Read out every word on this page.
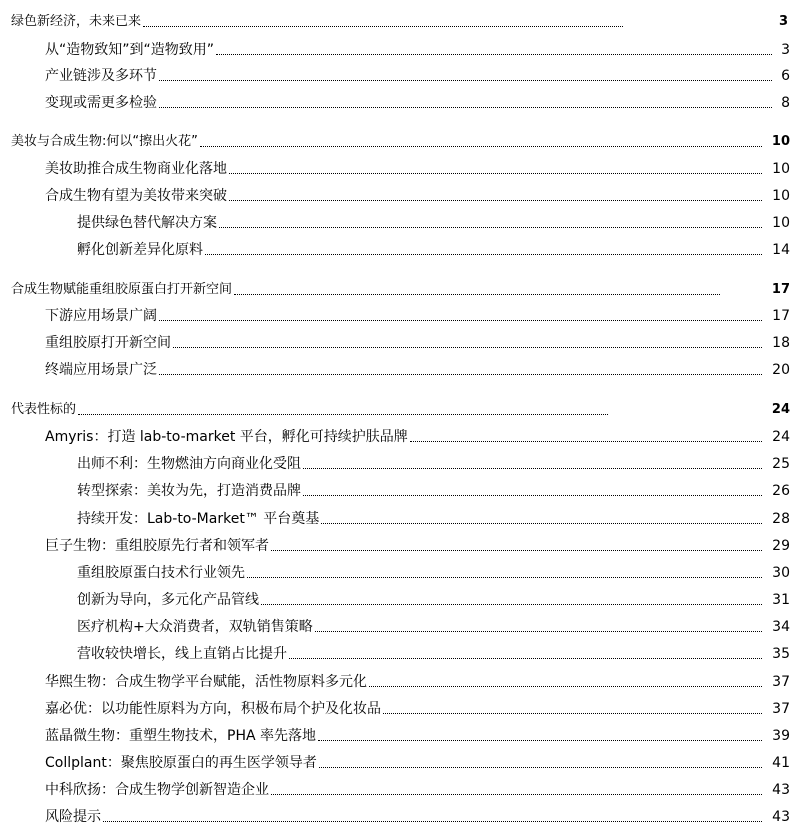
绿色新经济，未来已来	3
从“造物致知”到“造物致用”	3
产业链涉及多环节	6
变现或需更多检验	8
美妆与合成生物:何以“擦出火花”	10
美妆助推合成生物商业化落地	10
合成生物有望为美妆带来突破	10
提供绿色替代解决方案	10
孵化创新差异化原料	14
合成生物赋能重组胶原蛋白打开新空间	17
下游应用场景广阔	17
重组胶原打开新空间	18
终端应用场景广泛	20
代表性标的	24
Amyris：打造 lab-to-market 平台，孵化可持续护肤品牌	24
出师不利：生物燃油方向商业化受阻	25
转型探索：美妆为先，打造消费品牌	26
持续开发：Lab-to-Market™ 平台奠基	28
巨子生物：重组胶原先行者和领军者	29
重组胶原蛋白技术行业领先	30
创新为导向，多元化产品管线	31
医疗机构+大众消费者，双轨销售策略	34
营收较快增长，线上直销占比提升	35
华熙生物：合成生物学平台赋能，活性物原料多元化	37
嘉必优：以功能性原料为方向，积极布局个护及化妆品	37
蓝晶微生物：重塑生物技术，PHA 率先落地	39
Collplant：聚焦胶原蛋白的再生医学领导者	41
中科欣扬：合成生物学创新智造企业	43
风险提示	43
